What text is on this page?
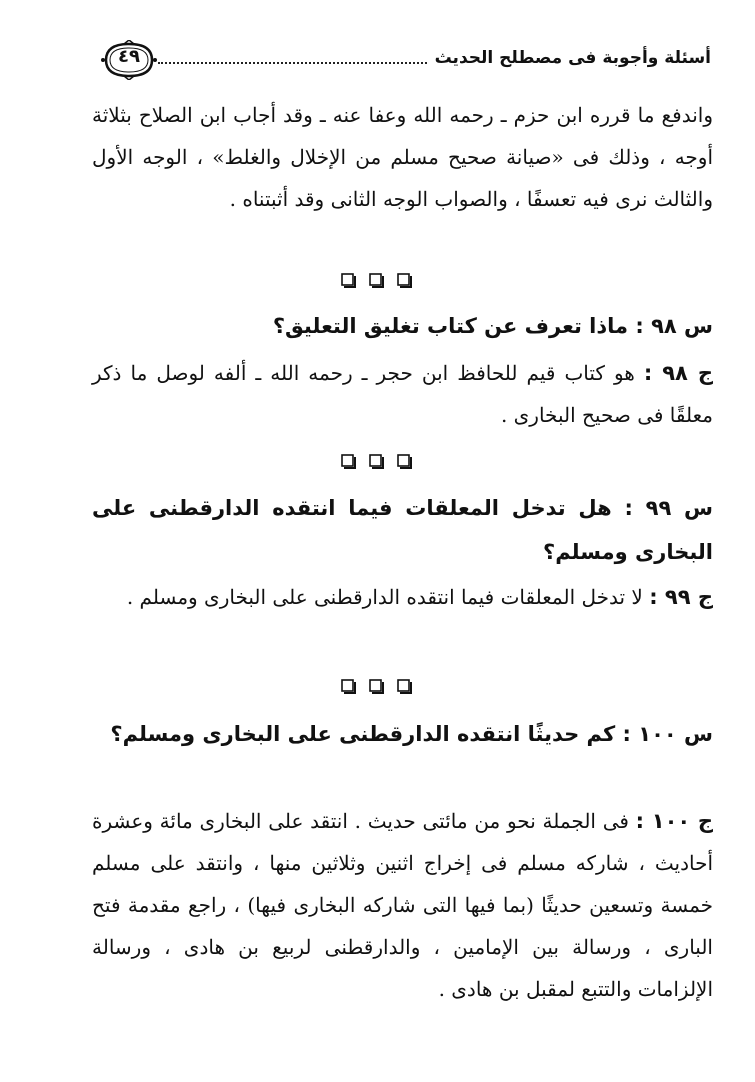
أسئلة وأجوبة فى مصطلح الحديث
٤٩
واندفع ما قرره ابن حزم ـ رحمه الله وعفا عنه ـ وقد أجاب ابن الصلاح بثلاثة أوجه ، وذلك فى «صيانة صحيح مسلم من الإخلال والغلط» ، الوجه الأول والثالث نرى فيه تعسفًا ، والصواب الوجه الثانى وقد أثبتناه .
س ٩٨ : ماذا تعرف عن كتاب تغليق التعليق؟
ج ٩٨ : هو كتاب قيم للحافظ ابن حجر ـ رحمه الله ـ ألفه لوصل ما ذكر معلقًا فى صحيح البخارى .
س ٩٩ : هل تدخل المعلقات فيما انتقده الدارقطنى على البخارى ومسلم؟
ج ٩٩ : لا تدخل المعلقات فيما انتقده الدارقطنى على البخارى ومسلم .
س ١٠٠ : كم حديثًا انتقده الدارقطنى على البخارى ومسلم؟
ج ١٠٠ : فى الجملة نحو من مائتى حديث . انتقد على البخارى مائة وعشرة أحاديث ، شاركه مسلم فى إخراج اثنين وثلاثين منها ، وانتقد على مسلم خمسة وتسعين حديثًا (بما فيها التى شاركه البخارى فيها) ، راجع مقدمة فتح البارى ، ورسالة بين الإمامين ، والدارقطنى لربيع بن هادى ، ورسالة الإلزامات والتتبع لمقبل بن هادى .
